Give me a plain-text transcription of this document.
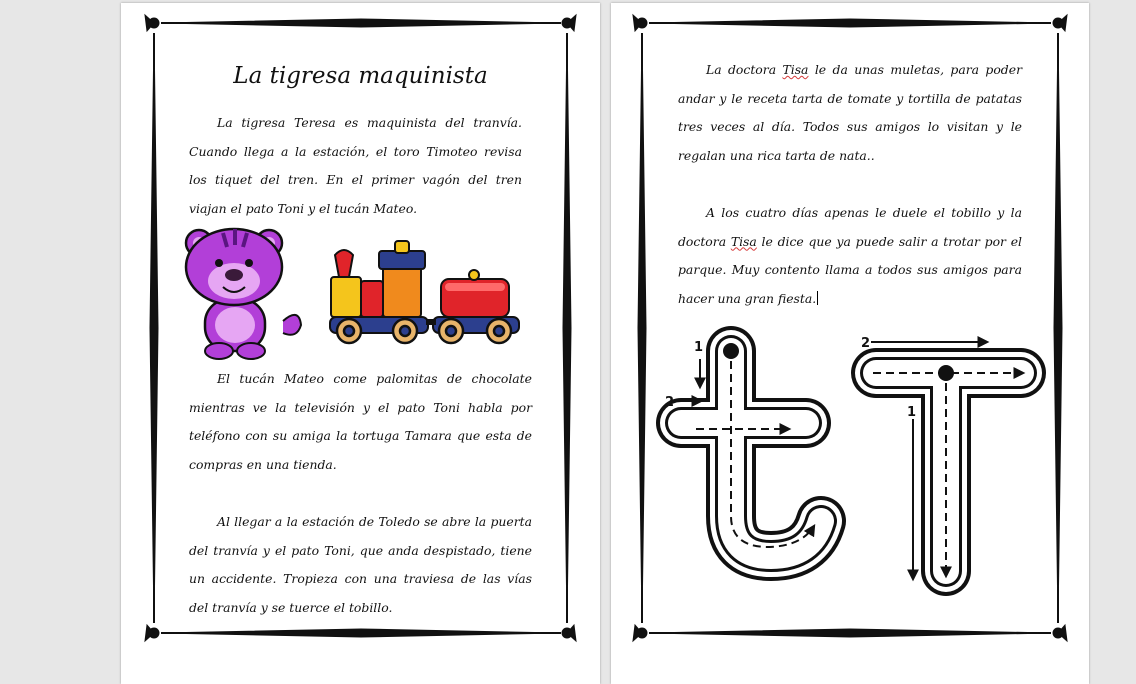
La tigresa maquinista

La tigresa Teresa es maquinista del tranvía. Cuando llega a la estación, el toro Timoteo revisa los tiquet del tren. En el primer vagón del tren viajan el pato Toni y el tucán Mateo.

El tucán Mateo come palomitas de chocolate mientras ve la televisión y el pato Toni habla por teléfono con su amiga la tortuga Tamara que esta de compras en una tienda.

Al llegar a la estación de Toledo se abre la puerta del tranvía y el pato Toni, que anda despistado, tiene un accidente. Tropieza con una traviesa de las vías del tranvía y se tuerce el tobillo.

La doctora Tisa le da unas muletas, para poder andar y le receta tarta de tomate y tortilla de patatas tres veces al día. Todos sus amigos lo visitan y le regalan una rica tarta de nata..

A los cuatro días apenas le duele el tobillo y la doctora Tisa le dice que ya puede salir a trotar por el parque. Muy contento llama a todos sus amigos para hacer una gran fiesta.

1
2
2
1
